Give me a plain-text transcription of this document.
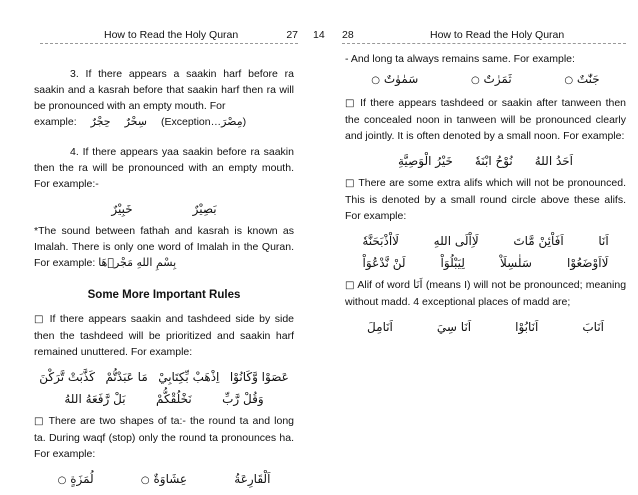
How to Read the Holy Quran	27

3. If there appears a saakin harf before ra saakin and a kasrah before that saakin harf then ra will be pronounced with an empty mouth. For

example: حِجْرٌ سِحْرٌ (Exception…مِصْرَ)

4. If there appears yaa saakin before ra saakin then the ra will be pronounced with an empty mouth. For example:-

بَصِيْرٌ
خَبِيْرٌ

*The sound between fathah and kasrah is known as Imalah. There is only one word of Imalah in the Quran. For example: بِسْمِ اللهِ مَجْرٖهَا

Some More Important Rules

□ If there appears saakin and tashdeed side by side then the tashdeed will be prioritized and saakin harf remained unuttered. For example:

عَصَوْا وَّكَانُوْا
اِذْهَبْ بِّكِتَابِيْ
مَا عَبَدْتُّمْ
كَذَّبَتْ تَّرَكْنَ
وَقُلْ رَّبِّ
نَخْلُقْكُّمْ
بَلْ رَّفَعَهُ اللهُ

□ There are two shapes of ta:- the round ta and long ta. During waqf (stop) only the round ta pronounces ha. For example:

اَلْقَارِعَةُ
عِشَاوَةٌ ○
لُمَزَةٍ ○
14 28	How to Read the Holy Quran

- And long ta always remains same. For example:

جَنّٰتٌ ○
ثَمَرٰتٌ ○
سَمٰوٰتٌ ○

□ If there appears tashdeed or saakin after tanween then the concealed noon in tanween will be pronounced clearly and jointly. It is often denoted by a small noon. For example:

اَحَدُ اللهُ
نُوْحُ ابْنَهٗ
خَيْرُ الْوَصِيَّةِ

□ There are some extra alifs which will not be pronounced. This is denoted by a small round circle above these alifs. For example:

اَنَا
اَفَاْئِنْ مَّاتَ
لَاِاْلَى اللهِ
لَااْذْبَحَنَّهٗ
لَااَوْضَعُوْا
سَلٰسِلَاْ
لِيَبْلُوَاْ
لَنْ نَّدْعُوَاْ

□ Alif of word اَنَا (means I) will not be pronounced; meaning without madd. 4 exceptional places of madd are;

اَنَابَ
اَنَابُوْا
اَنَا سِيَ
اَنَامِلَ
